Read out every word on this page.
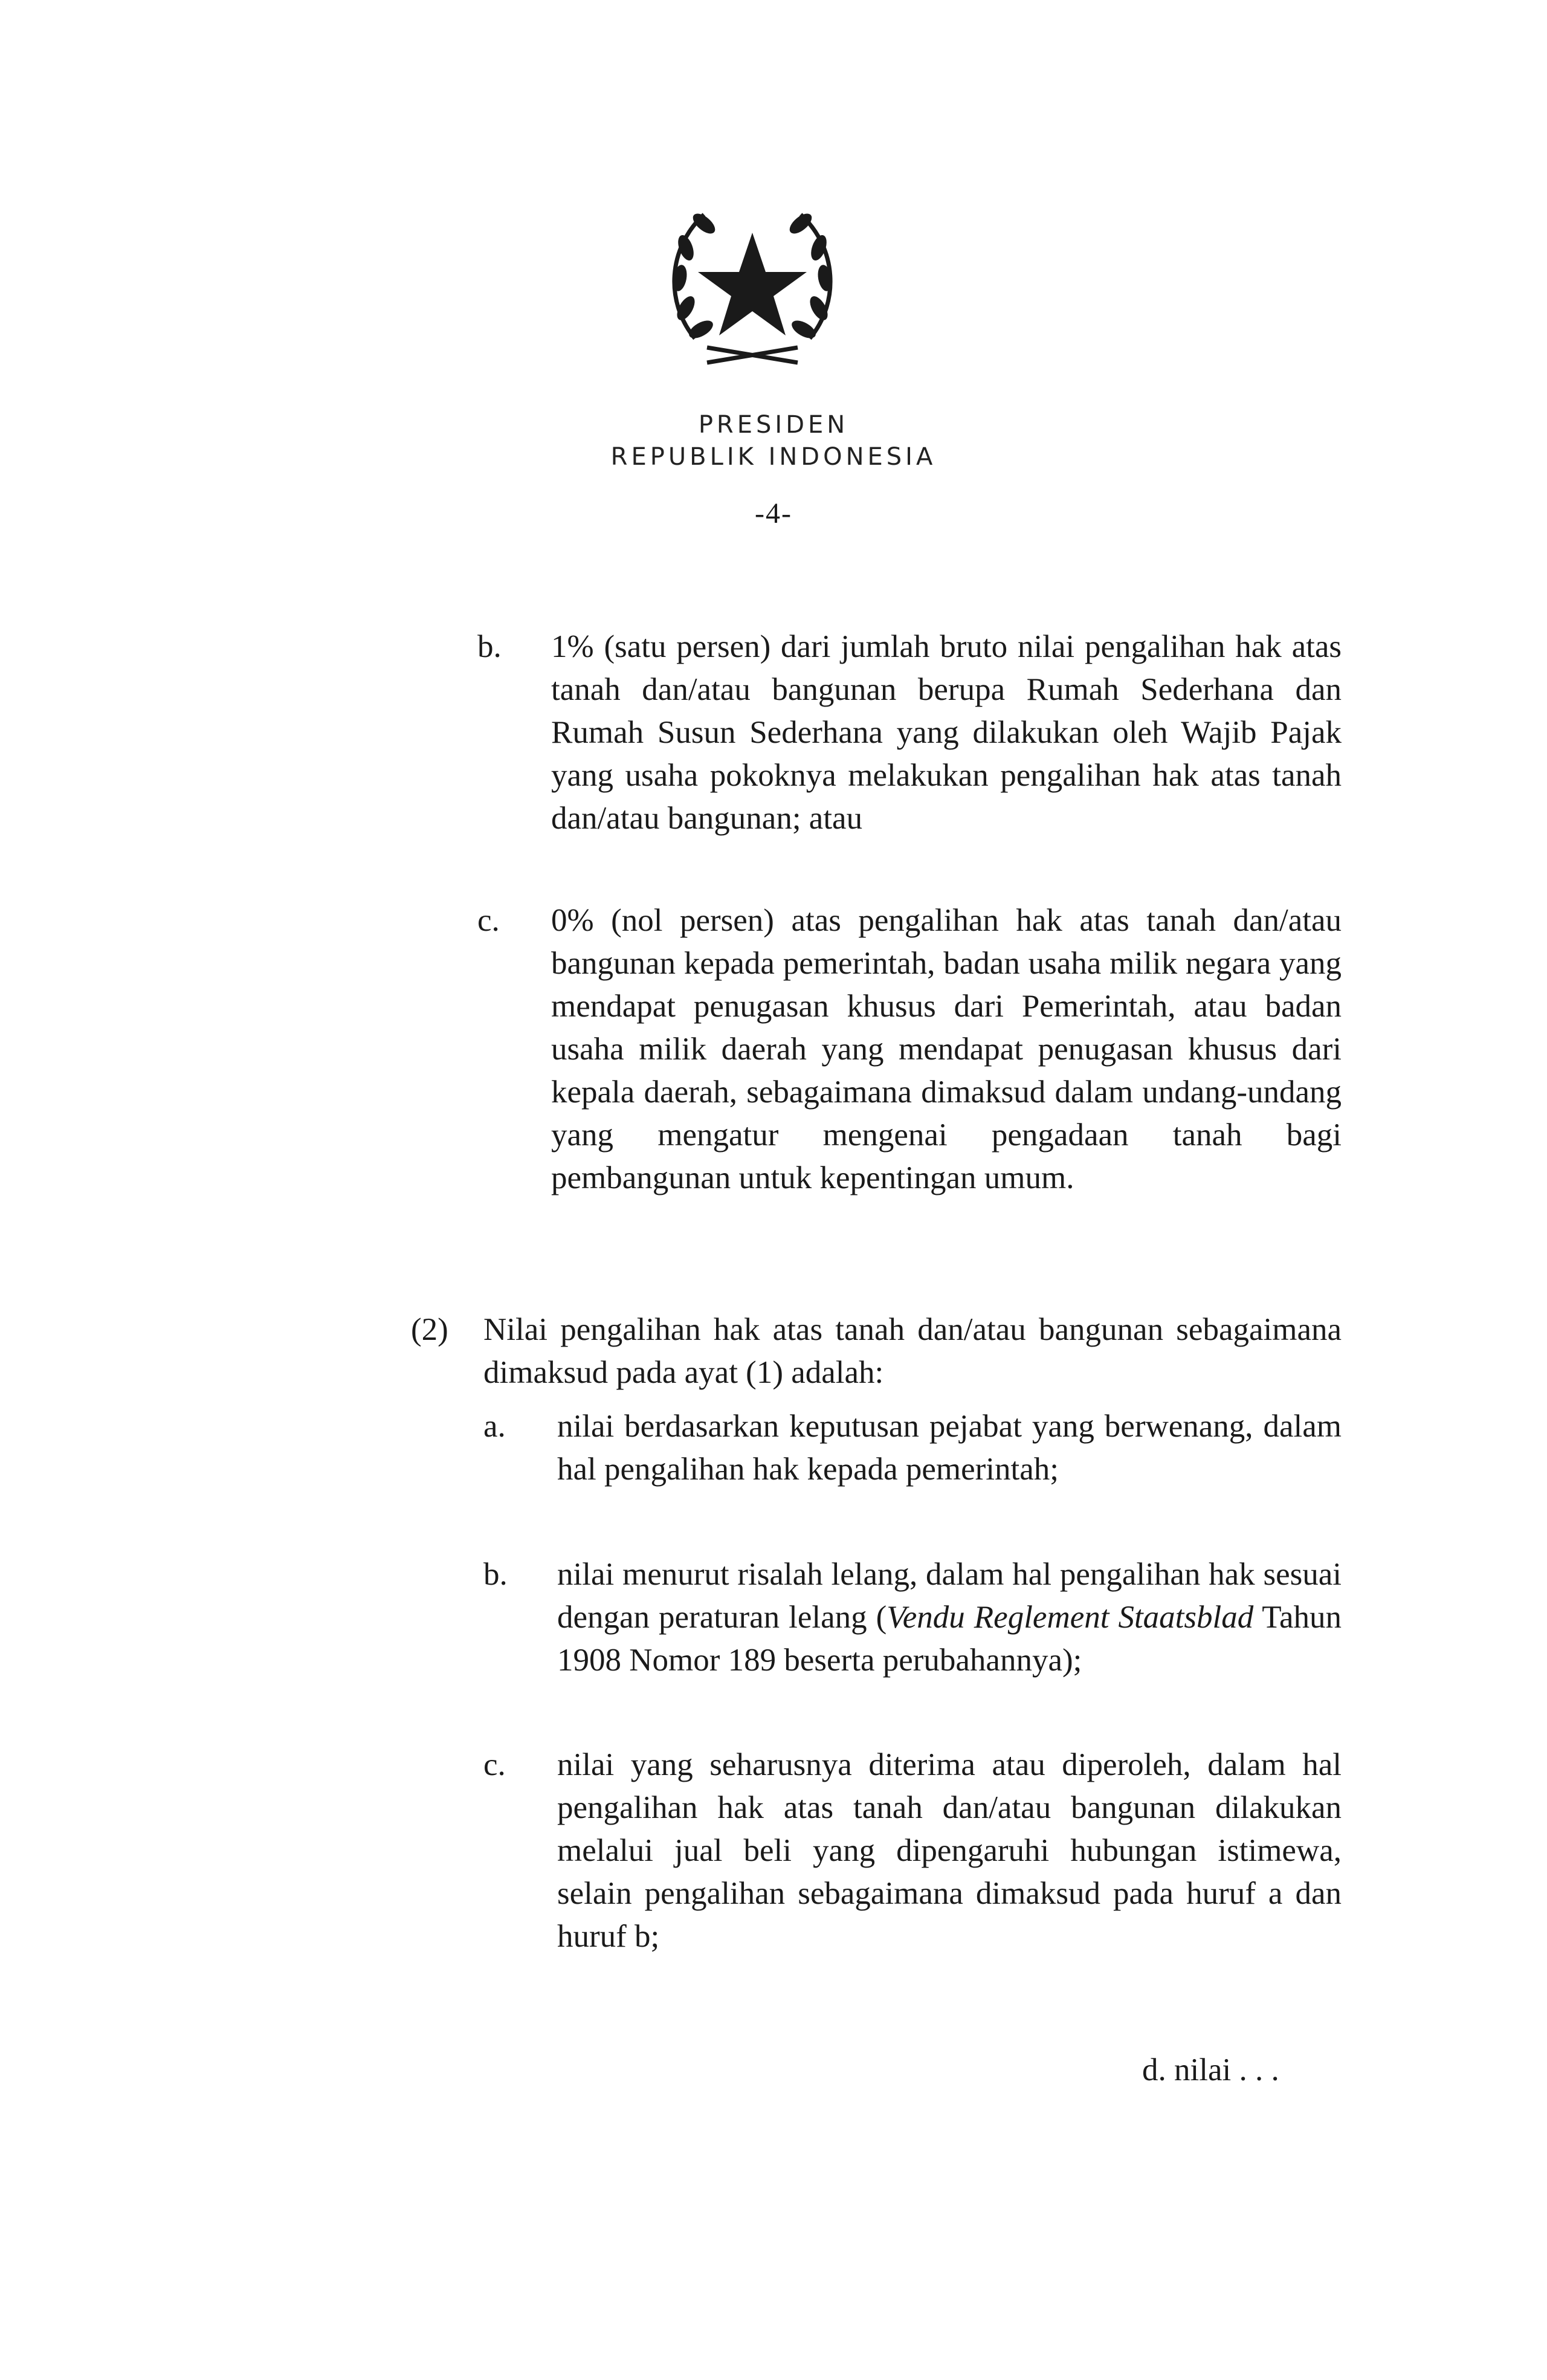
PRESIDEN
REPUBLIK INDONESIA
-4-
b. 1% (satu persen) dari jumlah bruto nilai pengalihan hak atas tanah dan/atau bangunan berupa Rumah Sederhana dan Rumah Susun Sederhana yang dilakukan oleh Wajib Pajak yang usaha pokoknya melakukan pengalihan hak atas tanah dan/atau bangunan; atau

c. 0% (nol persen) atas pengalihan hak atas tanah dan/atau bangunan kepada pemerintah, badan usaha milik negara yang mendapat penugasan khusus dari Pemerintah, atau badan usaha milik daerah yang mendapat penugasan khusus dari kepala daerah, sebagaimana dimaksud dalam undang-undang yang mengatur mengenai pengadaan tanah bagi pembangunan untuk kepentingan umum.

(2) Nilai pengalihan hak atas tanah dan/atau bangunan sebagaimana dimaksud pada ayat (1) adalah:

a. nilai berdasarkan keputusan pejabat yang berwenang, dalam hal pengalihan hak kepada pemerintah;

b. nilai menurut risalah lelang, dalam hal pengalihan hak sesuai dengan peraturan lelang (Vendu Reglement Staatsblad Tahun 1908 Nomor 189 beserta perubahannya);

c. nilai yang seharusnya diterima atau diperoleh, dalam hal pengalihan hak atas tanah dan/atau bangunan dilakukan melalui jual beli yang dipengaruhi hubungan istimewa, selain pengalihan sebagaimana dimaksud pada huruf a dan huruf b;

d. nilai . . .
